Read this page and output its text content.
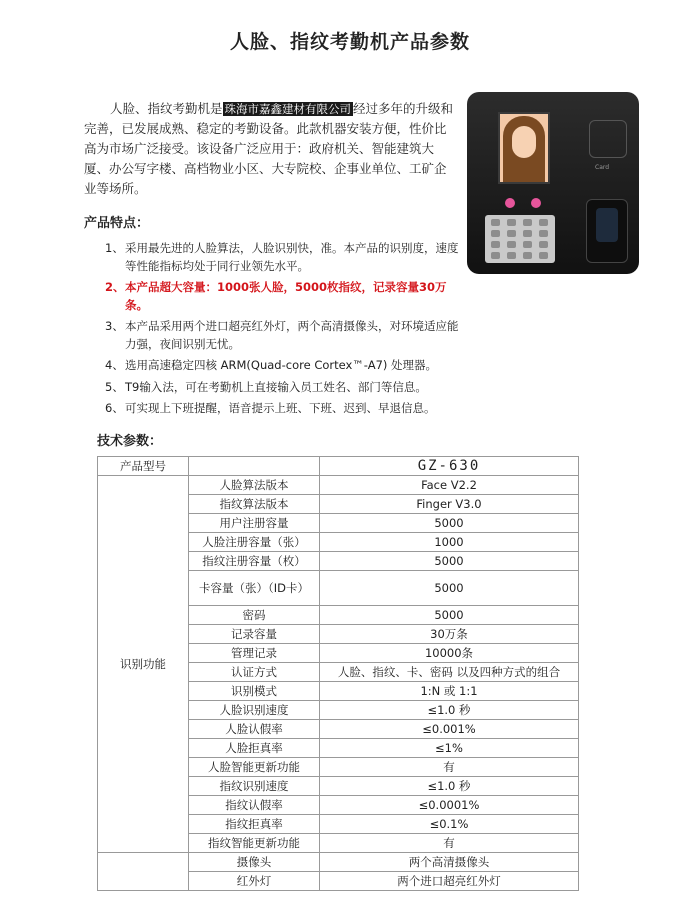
人脸、指纹考勤机产品参数
人脸、指纹考勤机是 珠海市嘉鑫建材有限公司 经过多年的升级和完善，已发展成熟、稳定的考勤设备。此款机器安装方便，性价比高为市场广泛接受。该设备广泛应用于：政府机关、智能建筑大厦、办公写字楼、高档物业小区、大专院校、企事业单位、工矿企业等场所。
Card
产品特点：
1、 采用最先进的人脸算法，人脸识别快，准。本产品的识别度，速度等性能指标均处于同行业领先水平。
2、 本产品超大容量：1000张人脸，5000枚指纹，记录容量30万条。
3、 本产品采用两个进口超亮红外灯，两个高清摄像头，对环境适应能力强，夜间识别无忧。
4、 选用高速稳定四核 ARM(Quad-core Cortex™-A7) 处理器。
5、 T9输入法，可在考勤机上直接输入员工姓名、部门等信息。
6、 可实现上下班提醒，语音提示上班、下班、迟到、早退信息。
技术参数：
产品型号		GZ-630
识别功能	人脸算法版本	Face V2.2
	指纹算法版本	Finger V3.0
	用户注册容量	5000
	人脸注册容量（张）	1000
	指纹注册容量（枚）	5000
	卡容量（张）（ID卡）	5000
	密码	5000
	记录容量	30万条
	管理记录	10000条
	认证方式	人脸、指纹、卡、密码 以及四种方式的组合
	识别模式	1:N 或 1:1
	人脸识别速度	≤1.0 秒
	人脸认假率	≤0.001%
	人脸拒真率	≤1%
	人脸智能更新功能	有
	指纹识别速度	≤1.0 秒
	指纹认假率	≤0.0001%
	指纹拒真率	≤0.1%
	指纹智能更新功能	有
	摄像头	两个高清摄像头
	红外灯	两个进口超亮红外灯
